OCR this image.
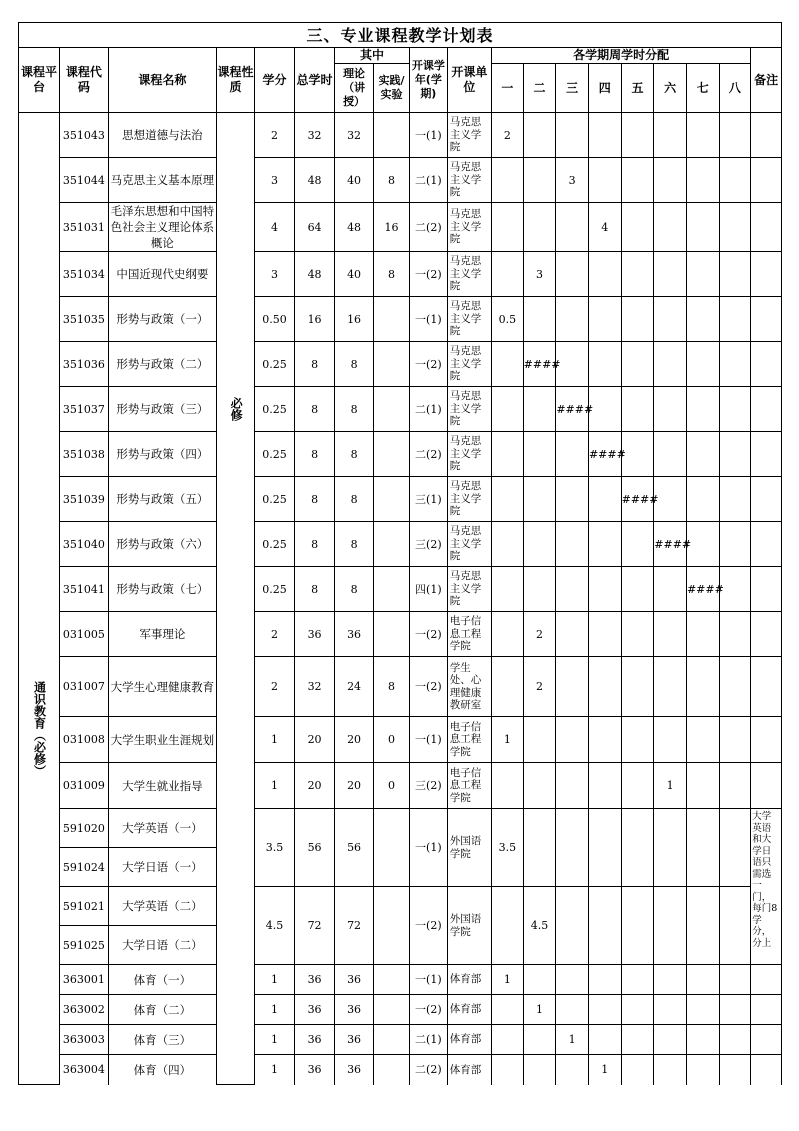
三、专业课程教学计划表																		
课程平台	课程代码	课程名称	课程性质	学分	总学时	其中		开课学年(学期)	开课单位	各学期周学时分配								备注
						理论（讲授）	实践/实验			一	二	三	四	五	六	七	八	
通识教育（必修）	351043	思想道德与法治	必修	2	32	32		一(1)	马克思主义学院	2								
	351044	马克思主义基本原理		3	48	40	8	二(1)	马克思主义学院			3						
	351031	毛泽东思想和中国特色社会主义理论体系概论		4	64	48	16	二(2)	马克思主义学院				4					
	351034	中国近现代史纲要		3	48	40	8	一(2)	马克思主义学院		3							
	351035	形势与政策（一）		0.50	16	16		一(1)	马克思主义学院	0.5								
	351036	形势与政策（二）		0.25	8	8		一(2)	马克思主义学院		####							
	351037	形势与政策（三）		0.25	8	8		二(1)	马克思主义学院			####						
	351038	形势与政策（四）		0.25	8	8		二(2)	马克思主义学院				####					
	351039	形势与政策（五）		0.25	8	8		三(1)	马克思主义学院					####				
	351040	形势与政策（六）		0.25	8	8		三(2)	马克思主义学院						####			
	351041	形势与政策（七）		0.25	8	8		四(1)	马克思主义学院							####		
	031005	军事理论		2	36	36		一(2)	电子信息工程学院		2							
	031007	大学生心理健康教育		2	32	24	8	一(2)	学生处、心理健康教研室		2							
	031008	大学生职业生涯规划		1	20	20	0	一(1)	电子信息工程学院	1								
	031009	大学生就业指导		1	20	20	0	三(2)	电子信息工程学院						1			
	591020	大学英语（一）		3.5	56	56		一(1)	外国语学院	3.5								大学英语和大学日语只需选一门，每门8学分，分上
	591024	大学日语（一）																
	591021	大学英语（二）		4.5	72	72		一(2)	外国语学院		4.5							
	591025	大学日语（二）																
	363001	体育（一）		1	36	36		一(1)	体育部	1								
	363002	体育（二）		1	36	36		一(2)	体育部		1							
	363003	体育（三）		1	36	36		二(1)	体育部			1						
	363004	体育（四）		1	36	36		二(2)	体育部				1					
